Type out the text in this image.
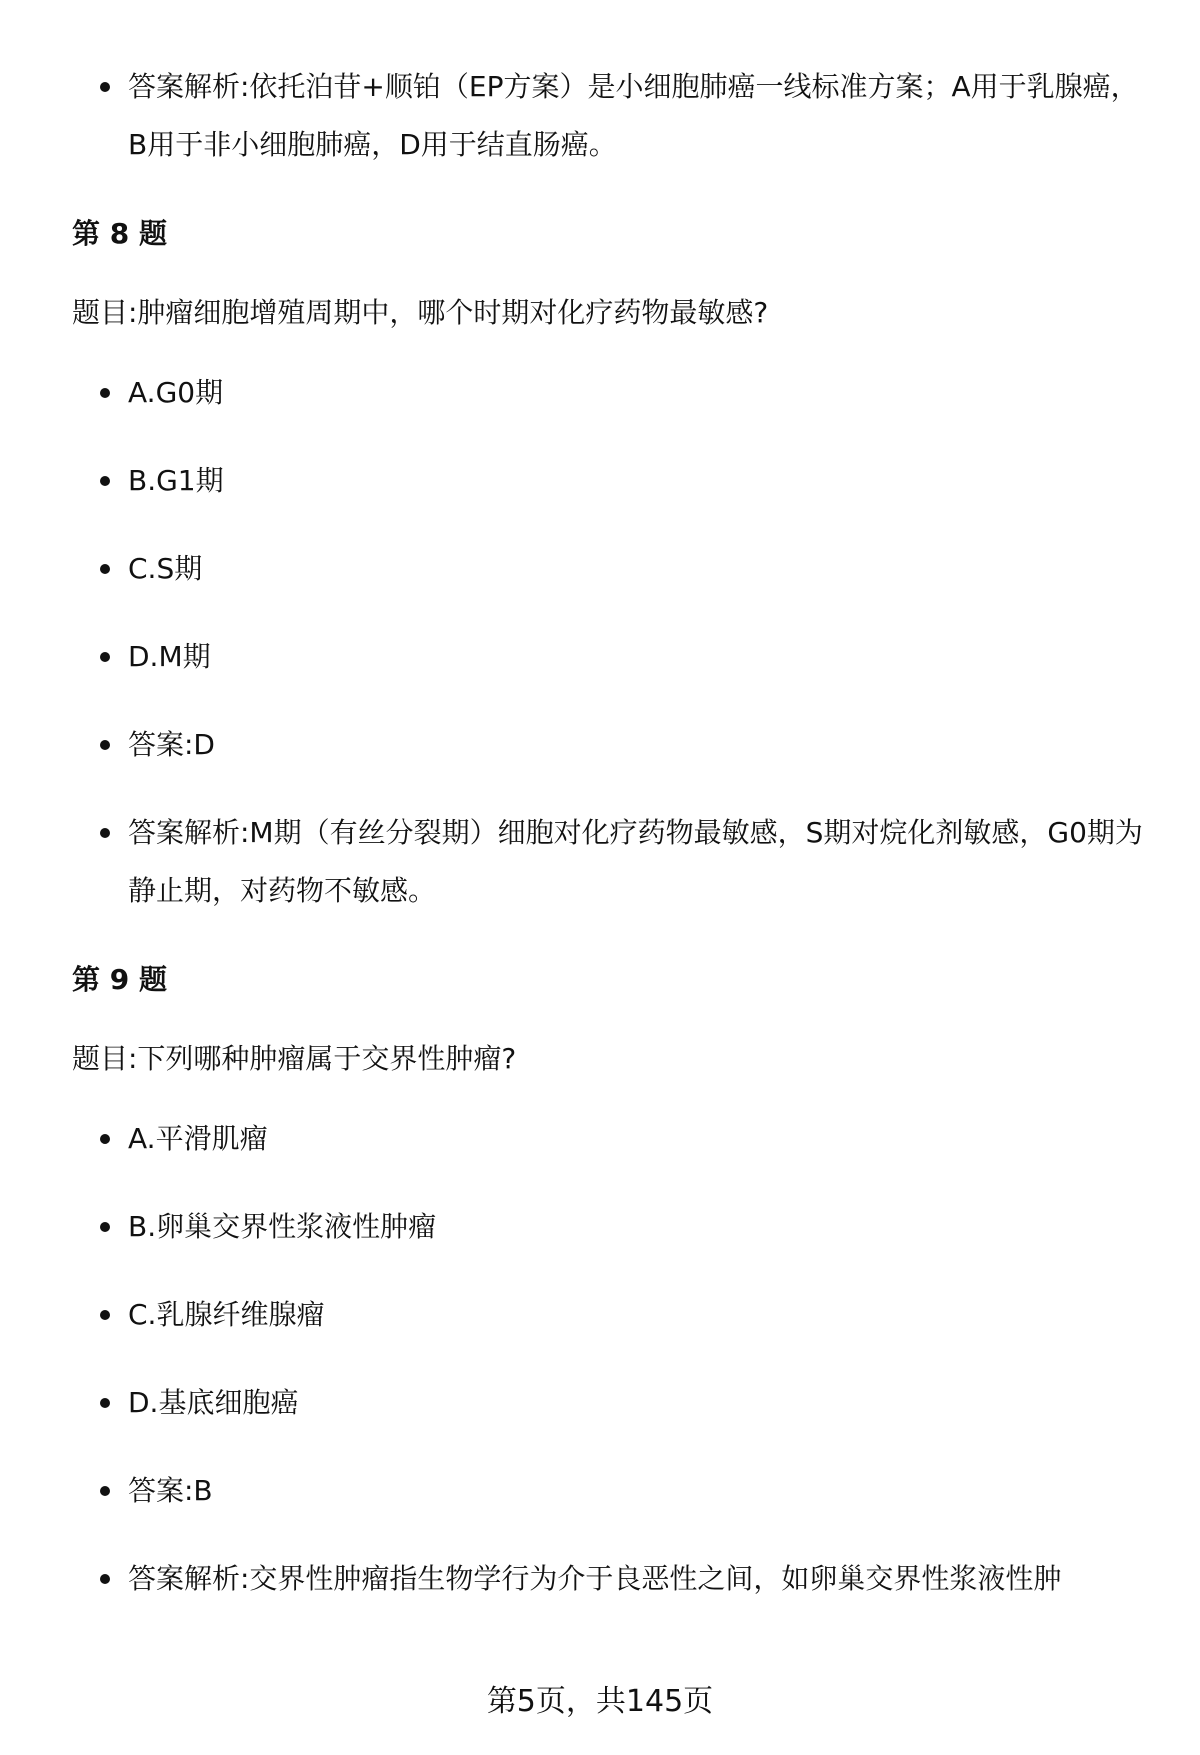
答案解析:依托泊苷+顺铂（EP方案）是小细胞肺癌一线标准方案；A用于乳腺癌，B用于非小细胞肺癌，D用于结直肠癌。
第 8 题
题目:肿瘤细胞增殖周期中，哪个时期对化疗药物最敏感?
A.G0期
B.G1期
C.S期
D.M期
答案:D
答案解析:M期（有丝分裂期）细胞对化疗药物最敏感，S期对烷化剂敏感，G0期为静止期，对药物不敏感。
第 9 题
题目:下列哪种肿瘤属于交界性肿瘤?
A.平滑肌瘤
B.卵巢交界性浆液性肿瘤
C.乳腺纤维腺瘤
D.基底细胞癌
答案:B
答案解析:交界性肿瘤指生物学行为介于良恶性之间，如卵巢交界性浆液性肿
第5页，共145页
